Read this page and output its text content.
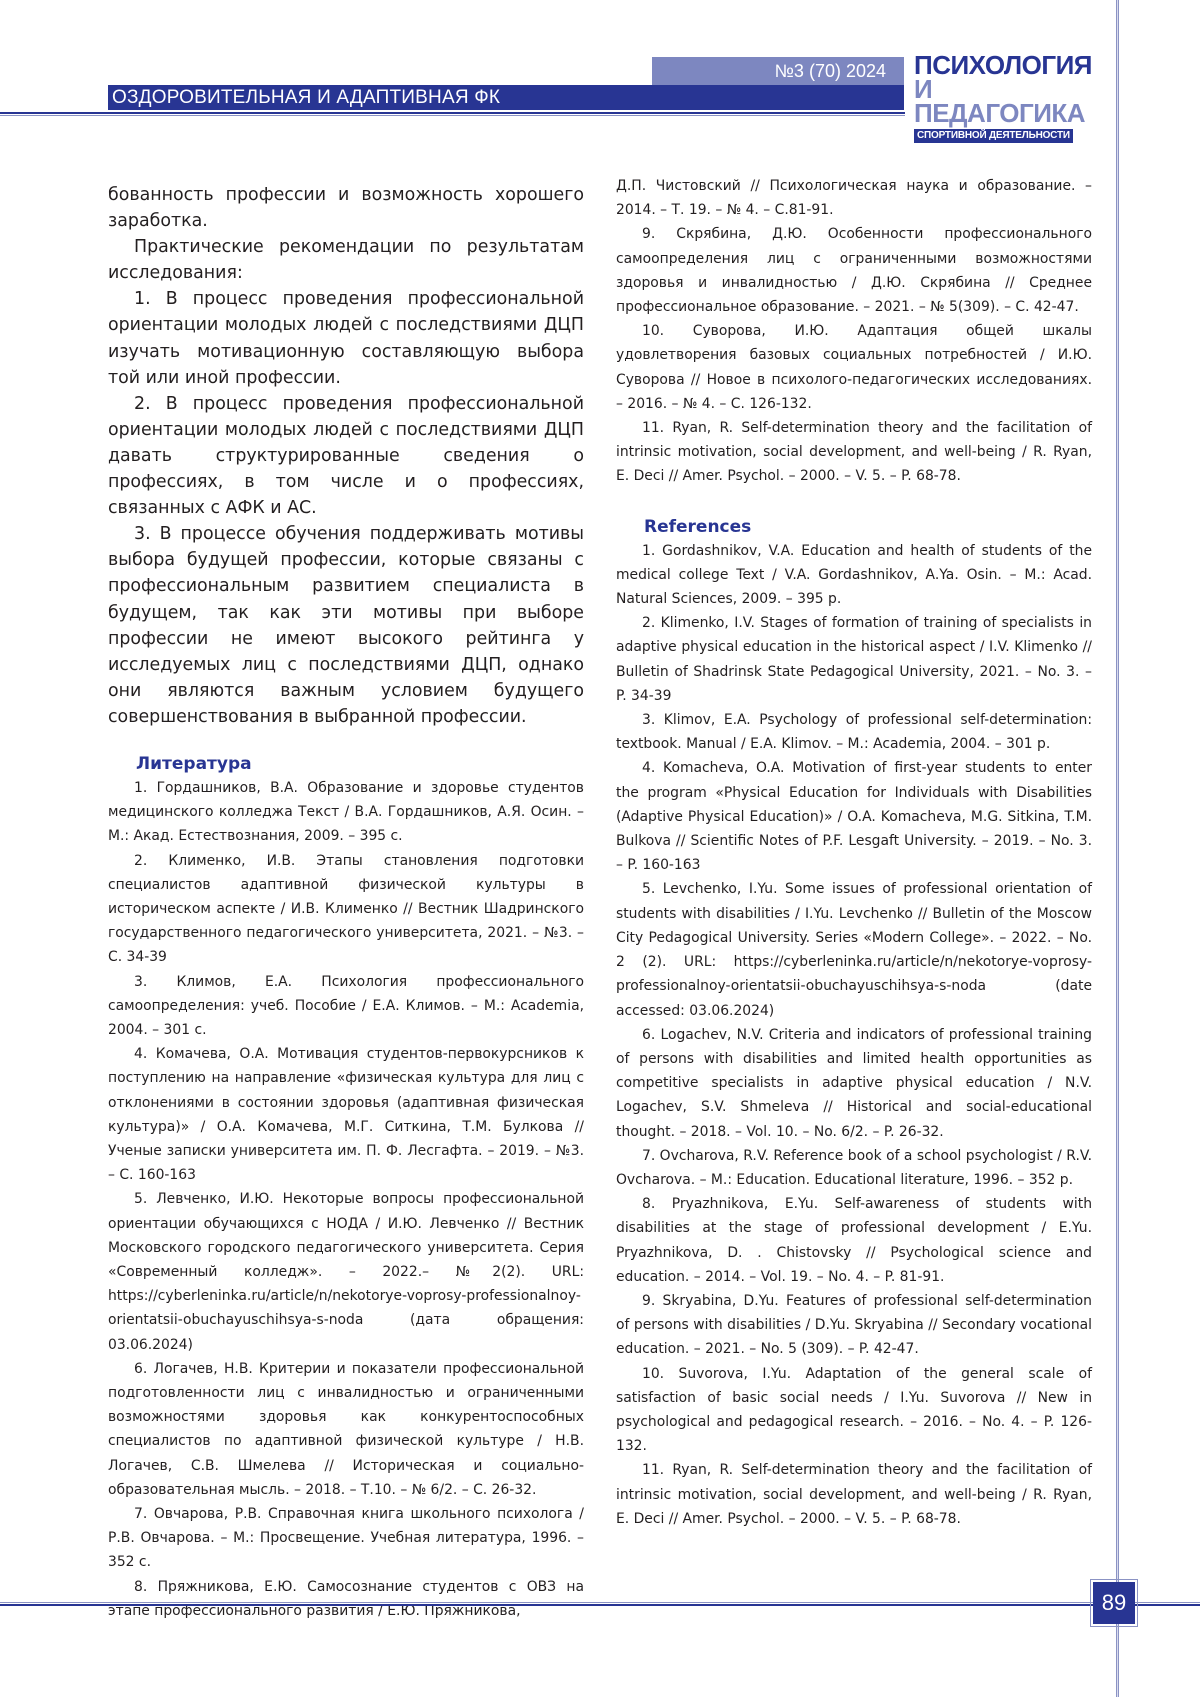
№3 (70) 2024
ОЗДОРОВИТЕЛЬНАЯ И АДАПТИВНАЯ ФК
ПСИХОЛОГИЯ
И ПЕДАГОГИКА
СПОРТИВНОЙ ДЕЯТЕЛЬНОСТИ

бованность профессии и возможность хорошего заработка.

Практические рекомендации по результатам исследования:

1. В процесс проведения профессиональной ориентации молодых людей с последствиями ДЦП изучать мотивационную составляющую выбора той или иной профессии.

2. В процесс проведения профессиональной ориентации молодых людей с последствиями ДЦП давать структурированные сведения о профессиях, в том числе и о профессиях, связанных с АФК и АС.

3. В процессе обучения поддерживать мотивы выбора будущей профессии, которые связаны с профессиональным развитием специалиста в будущем, так как эти мотивы при выборе профессии не имеют высокого рейтинга у исследуемых лиц с последствиями ДЦП, однако они являются важным условием будущего совершенствования в выбранной профессии.

Литература

1. Гордашников, В.А. Образование и здоровье студентов медицинского колледжа Текст / В.А. Гордашников, А.Я. Осин. – М.: Акад. Естествознания, 2009. – 395 с.

2. Клименко, И.В. Этапы становления подготовки специалистов адаптивной физической культуры в историческом аспекте / И.В. Клименко // Вестник Шадринского государственного педагогического университета, 2021. – №3. – С. 34-39

3. Климов, Е.А. Психология профессионального самоопределения: учеб. Пособие / Е.А. Климов. – М.: Academia, 2004. – 301 с.

4. Комачева, О.А. Мотивация студентов-первокурсников к поступлению на направление «физическая культура для лиц с отклонениями в состоянии здоровья (адаптивная физическая культура)» / О.А. Комачева, М.Г. Ситкина, Т.М. Булкова // Ученые записки университета им. П. Ф. Лесгафта. – 2019. – №3. – С. 160-163

5. Левченко, И.Ю. Некоторые вопросы профессиональной ориентации обучающихся с НОДА / И.Ю. Левченко // Вестник Московского городского педагогического университета. Серия «Современный колледж». – 2022.– №2(2). URL: https://cyberleninka.ru/article/n/nekotorye-voprosy-professionalnoy-orientatsii-obuchayuschihsya-s-noda (дата обращения: 03.06.2024)

6. Логачев, Н.В. Критерии и показатели профессиональной подготовленности лиц с инвалидностью и ограниченными возможностями здоровья как конкурентоспособных специалистов по адаптивной физической культуре / Н.В. Логачев, С.В. Шмелева // Историческая и социально-образовательная мысль. – 2018. – Т.10. – № 6/2. – С. 26-32.

7. Овчарова, Р.В. Справочная книга школьного психолога / Р.В. Овчарова. – М.: Просвещение. Учебная литература, 1996. – 352 с.

8. Пряжникова, Е.Ю. Самосознание студентов с ОВЗ на этапе профессионального развития / Е.Ю. Пряжникова,

Д.П. Чистовский // Психологическая наука и образование. – 2014. – Т. 19. – № 4. – С.81-91.

9. Скрябина, Д.Ю. Особенности профессионального самоопределения лиц с ограниченными возможностями здоровья и инвалидностью / Д.Ю. Скрябина // Среднее профессиональное образование. – 2021. – № 5(309). – С. 42-47.

10. Суворова, И.Ю. Адаптация общей шкалы удовлетворения базовых социальных потребностей / И.Ю. Суворова // Новое в психолого-педагогических исследованиях. – 2016. – № 4. – С. 126-132.

11. Ryan, R. Self-determination theory and the facilitation of intrinsic motivation, social development, and well-being / R. Ryan, E. Deci // Amer. Psychol. – 2000. – V. 5. – P. 68-78.

References

1. Gordashnikov, V.A. Education and health of students of the medical college Text / V.A. Gordashnikov, A.Ya. Osin. – M.: Acad. Natural Sciences, 2009. – 395 p.

2. Klimenko, I.V. Stages of formation of training of specialists in adaptive physical education in the historical aspect / I.V. Klimenko // Bulletin of Shadrinsk State Pedagogical University, 2021. – No. 3. – P. 34-39

3. Klimov, E.A. Psychology of professional self-determination: textbook. Manual / E.A. Klimov. – M.: Academia, 2004. – 301 p.

4. Komacheva, O.A. Motivation of first-year students to enter the program «Physical Education for Individuals with Disabilities (Adaptive Physical Education)» / O.A. Komacheva, M.G. Sitkina, T.M. Bulkova // Scientific Notes of P.F. Lesgaft University. – 2019. – No. 3. – P. 160-163

5. Levchenko, I.Yu. Some issues of professional orientation of students with disabilities / I.Yu. Levchenko // Bulletin of the Moscow City Pedagogical University. Series «Modern College». – 2022. – No. 2 (2). URL: https://cyberleninka.ru/article/n/nekotorye-voprosy-professionalnoy-orientatsii-obuchayuschihsya-s-noda (date accessed: 03.06.2024)

6. Logachev, N.V. Criteria and indicators of professional training of persons with disabilities and limited health opportunities as competitive specialists in adaptive physical education / N.V. Logachev, S.V. Shmeleva // Historical and social-educational thought. – 2018. – Vol. 10. – No. 6/2. – P. 26-32.

7. Ovcharova, R.V. Reference book of a school psychologist / R.V. Ovcharova. – M.: Education. Educational literature, 1996. – 352 p.

8. Pryazhnikova, E.Yu. Self-awareness of students with disabilities at the stage of professional development / E.Yu. Pryazhnikova, D. . Chistovsky // Psychological science and education. – 2014. – Vol. 19. – No. 4. – P. 81-91.

9. Skryabina, D.Yu. Features of professional self-determination of persons with disabilities / D.Yu. Skryabina // Secondary vocational education. – 2021. – No. 5 (309). – P. 42-47.

10. Suvorova, I.Yu. Adaptation of the general scale of satisfaction of basic social needs / I.Yu. Suvorova // New in psychological and pedagogical research. – 2016. – No. 4. – P. 126-132.

11. Ryan, R. Self-determination theory and the facilitation of intrinsic motivation, social development, and well-being / R. Ryan, E. Deci // Amer. Psychol. – 2000. – V. 5. – P. 68-78.

89
